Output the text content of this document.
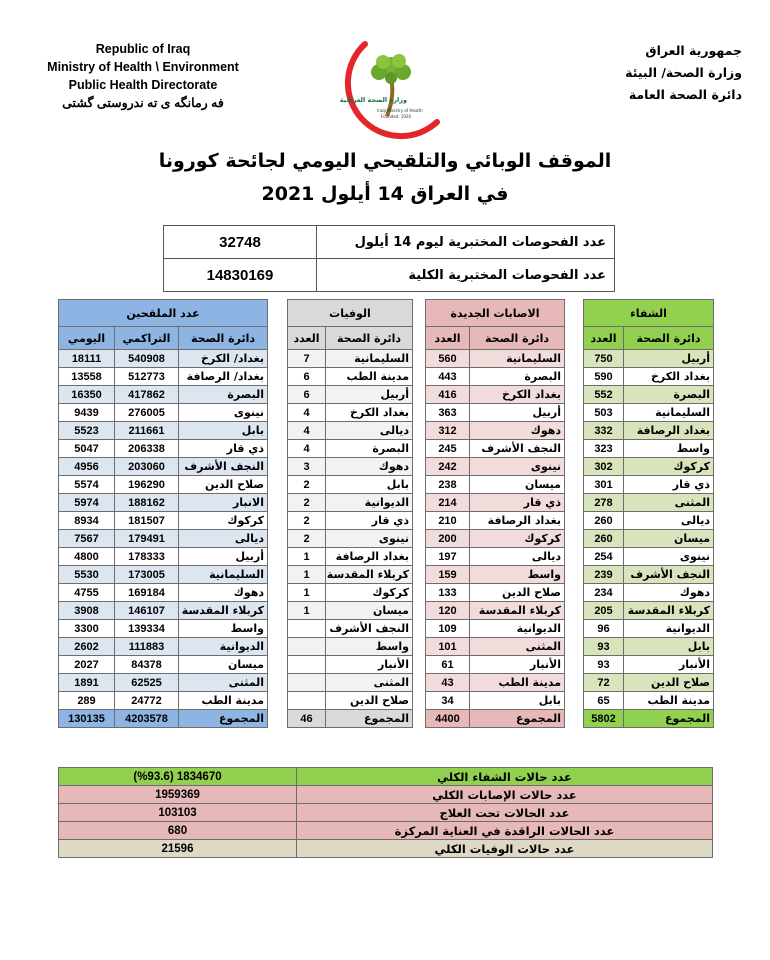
Republic of Iraq
Ministry of Health \ Environment
Public Health Directorate
فه رمانگه ى ته ندروستى گشتى	وزارة الصحة العراقية
Iraqi Ministry of Health
Founded: 1920
جمهورية العراق
وزارة الصحة/ البيئة
دائرة الصحة العامة
الموقف الوبائي والتلقيحي اليومي لجائحة كورونا
في العراق 14 أيلول 2021
32748	عدد الفحوصات المختبرية ليوم 14 أيلول
14830169	عدد الفحوصات المختبرية الكلية
عدد الملقحين		
اليومي	التراكمي	دائرة الصحة
18111	540908	بغداد/ الكرخ
13558	512773	بغداد/ الرصافة
16350	417862	البصرة
9439	276005	نينوى
5523	211661	بابل
5047	206338	ذي قار
4956	203060	النجف الأشرف
5574	196290	صلاح الدين
5974	188162	الانبار
8934	181507	كركوك
7567	179491	ديالى
4800	178333	أربيل
5530	173005	السليمانية
4755	169184	دهوك
3908	146107	كربلاء المقدسة
3300	139334	واسط
2602	111883	الديوانية
2027	84378	ميسان
1891	62525	المثنى
289	24772	مدينة الطب
130135	4203578	المجموع
الوفيات	
العدد	دائرة الصحة
7	السليمانية
6	مدينة الطب
6	أربيل
4	بغداد الكرخ
4	ديالى
4	البصرة
3	دهوك
2	بابل
2	الديوانية
2	ذي قار
2	نينوى
1	بغداد الرصافة
1	كربلاء المقدسة
1	كركوك
1	ميسان
	النجف الأشرف
	واسط
	الأنبار
	المثنى
	صلاح الدين
46	المجموع
الاصابات الجديدة	
العدد	دائرة الصحة
560	السليمانية
443	البصرة
416	بغداد الكرخ
363	أربيل
312	دهوك
245	النجف الأشرف
242	نينوى
238	ميسان
214	ذي قار
210	بغداد الرصافة
200	كركوك
197	ديالى
159	واسط
133	صلاح الدين
120	كربلاء المقدسة
109	الديوانية
101	المثنى
61	الأنبار
43	مدينة الطب
34	بابل
4400	المجموع
الشفاء	
العدد	دائرة الصحة
750	أربيل
590	بغداد الكرخ
552	البصرة
503	السليمانية
332	بغداد الرصافة
323	واسط
302	كركوك
301	ذي قار
278	المثنى
260	ديالى
260	ميسان
254	نينوى
239	النجف الأشرف
234	دهوك
205	كربلاء المقدسة
96	الديوانية
93	بابل
93	الأنبار
72	صلاح الدين
65	مدينة الطب
5802	المجموع
1834670 (%93.6)	عدد حالات الشفاء الكلي
1959369	عدد حالات الإصابات الكلي
103103	عدد الحالات تحت العلاج
680	عدد الحالات الراقدة في العناية المركزة
21596	عدد حالات الوفيات الكلي
